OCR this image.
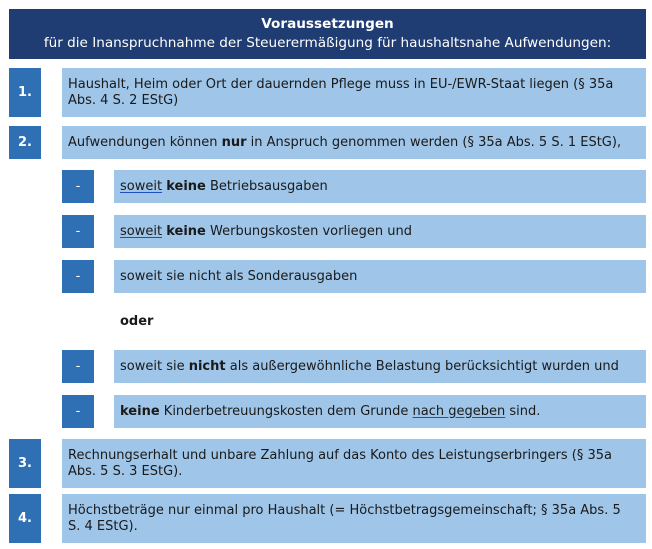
Voraussetzungen
für die Inanspruchnahme der Steuerermäßigung für haushaltsnahe Aufwendungen:
1.
Haushalt, Heim oder Ort der dauernden Pflege muss in EU-/EWR-Staat liegen (§ 35a Abs. 4 S. 2 EStG)
2.	Aufwendungen können nur in Anspruch genommen werden (§ 35a Abs. 5 S. 1 EStG),
-	soweit keine Betriebsausgaben
-	soweit keine Werbungskosten vorliegen und
-	soweit sie nicht als Sonderausgaben
oder
-	soweit sie nicht als außergewöhnliche Belastung berücksichtigt wurden und
-	keine Kinderbetreuungskosten dem Grunde nach gegeben sind.
3.
Rechnungserhalt und unbare Zahlung auf das Konto des Leistungserbringers (§ 35a Abs. 5 S. 3 EStG).
4.
Höchstbeträge nur einmal pro Haushalt (= Höchstbetragsgemeinschaft; § 35a Abs. 5 S. 4 EStG).
